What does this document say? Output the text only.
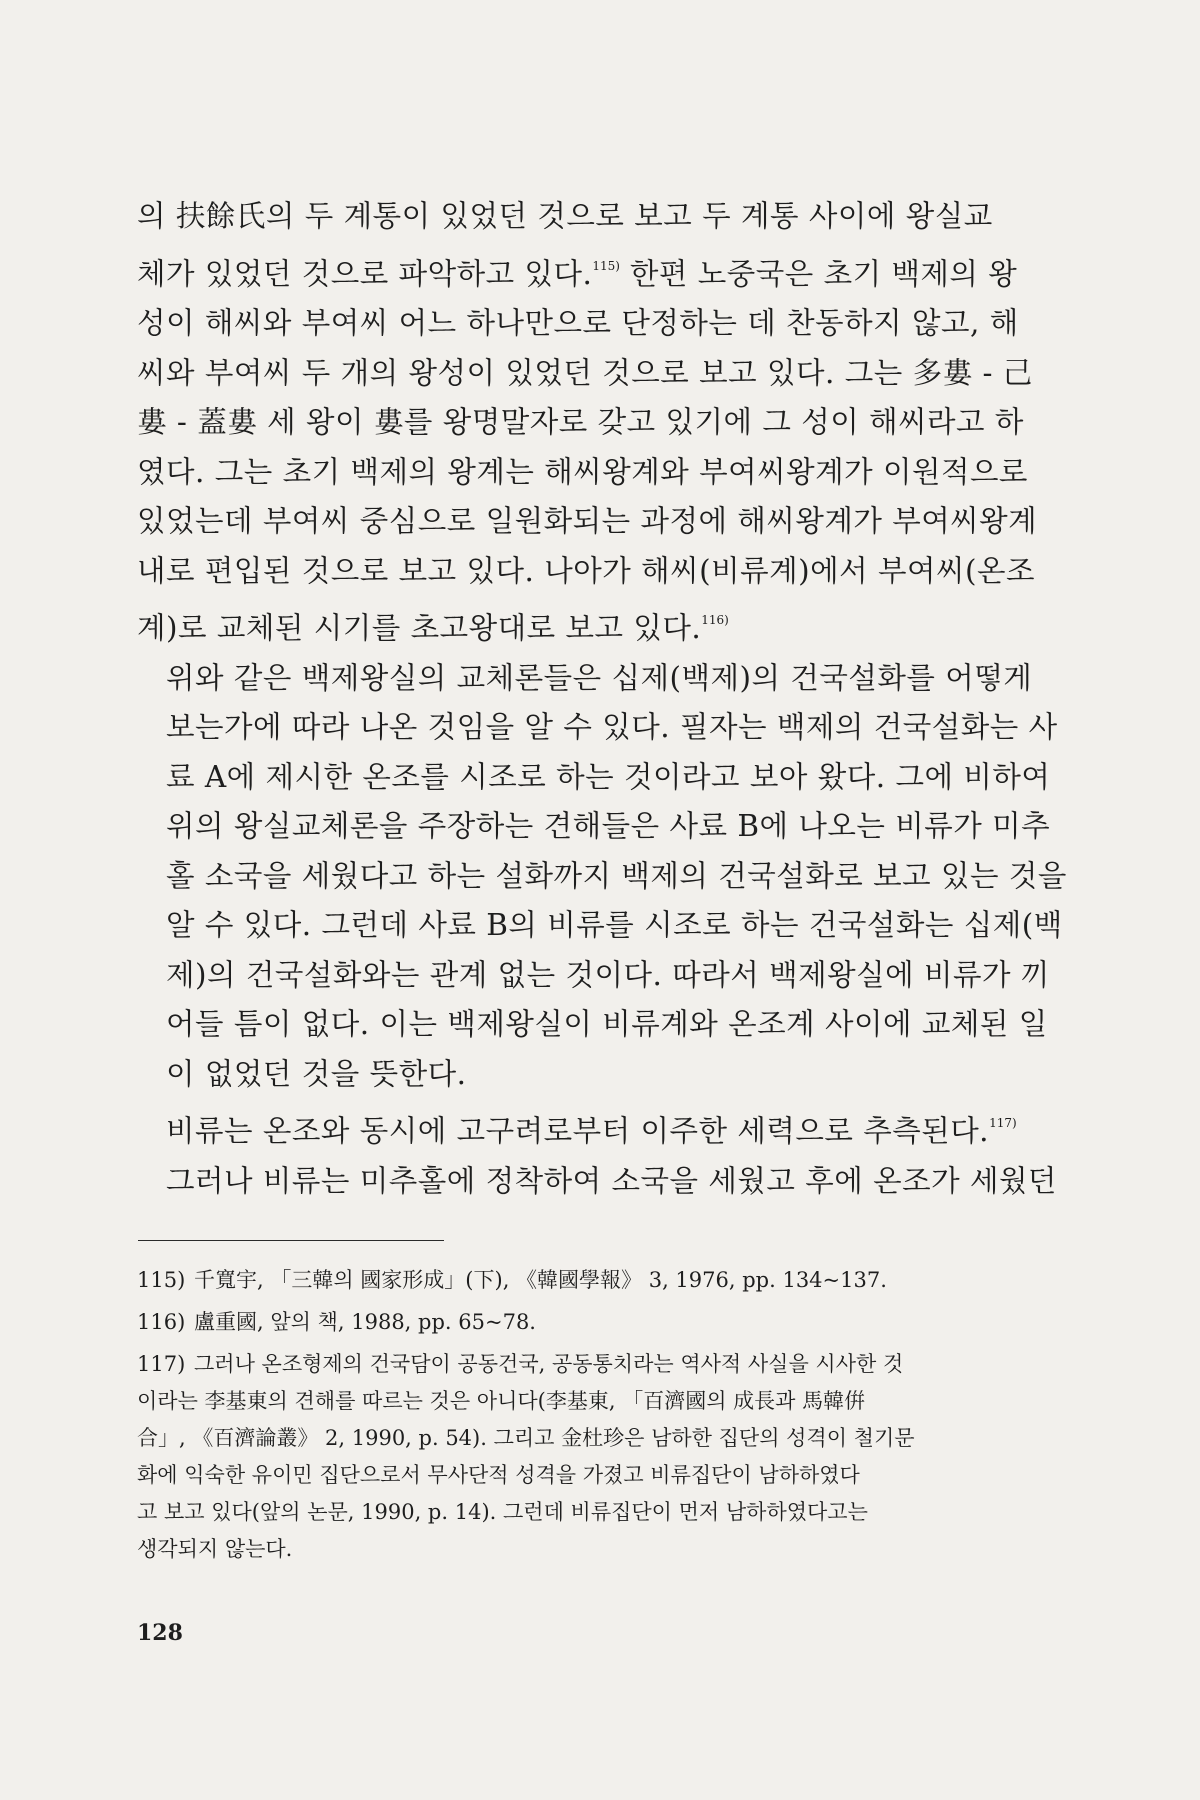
의 扶餘氏의 두 계통이 있었던 것으로 보고 두 계통 사이에 왕실교
체가 있었던 것으로 파악하고 있다.$^{115)}$ 한편 노중국은 초기 백제의 왕
성이 해씨와 부여씨 어느 하나만으로 단정하는 데 찬동하지 않고, 해
씨와 부여씨 두 개의 왕성이 있었던 것으로 보고 있다. 그는 多婁 - 己
婁 - 蓋婁 세 왕이 婁를 왕명말자로 갖고 있기에 그 성이 해씨라고 하
였다. 그는 초기 백제의 왕계는 해씨왕계와 부여씨왕계가 이원적으로
있었는데 부여씨 중심으로 일원화되는 과정에 해씨왕계가 부여씨왕계
내로 편입된 것으로 보고 있다. 나아가 해씨(비류계)에서 부여씨(온조
계)로 교체된 시기를 초고왕대로 보고 있다.$^{116)}$

위와 같은 백제왕실의 교체론들은 십제(백제)의 건국설화를 어떻게
보는가에 따라 나온 것임을 알 수 있다. 필자는 백제의 건국설화는 사
료 A에 제시한 온조를 시조로 하는 것이라고 보아 왔다. 그에 비하여
위의 왕실교체론을 주장하는 견해들은 사료 B에 나오는 비류가 미추
홀 소국을 세웠다고 하는 설화까지 백제의 건국설화로 보고 있는 것을
알 수 있다. 그런데 사료 B의 비류를 시조로 하는 건국설화는 십제(백
제)의 건국설화와는 관계 없는 것이다. 따라서 백제왕실에 비류가 끼
어들 틈이 없다. 이는 백제왕실이 비류계와 온조계 사이에 교체된 일
이 없었던 것을 뜻한다.

비류는 온조와 동시에 고구려로부터 이주한 세력으로 추측된다.$^{117)}$
그러나 비류는 미추홀에 정착하여 소국을 세웠고 후에 온조가 세웠던

115) 千寬宇, 「三韓의 國家形成」(下), 《韓國學報》 3, 1976, pp. 134~137.

116) 盧重國, 앞의 책, 1988, pp. 65~78.

117) 그러나 온조형제의 건국담이 공동건국, 공동통치라는 역사적 사실을 시사한 것
이라는 李基東의 견해를 따르는 것은 아니다(李基東, 「百濟國의 成長과 馬韓倂
合」, 《百濟論叢》 2, 1990, p. 54). 그리고 金杜珍은 남하한 집단의 성격이 철기문
화에 익숙한 유이민 집단으로서 무사단적 성격을 가졌고 비류집단이 남하하였다
고 보고 있다(앞의 논문, 1990, p. 14). 그런데 비류집단이 먼저 남하하였다고는
생각되지 않는다.

128
